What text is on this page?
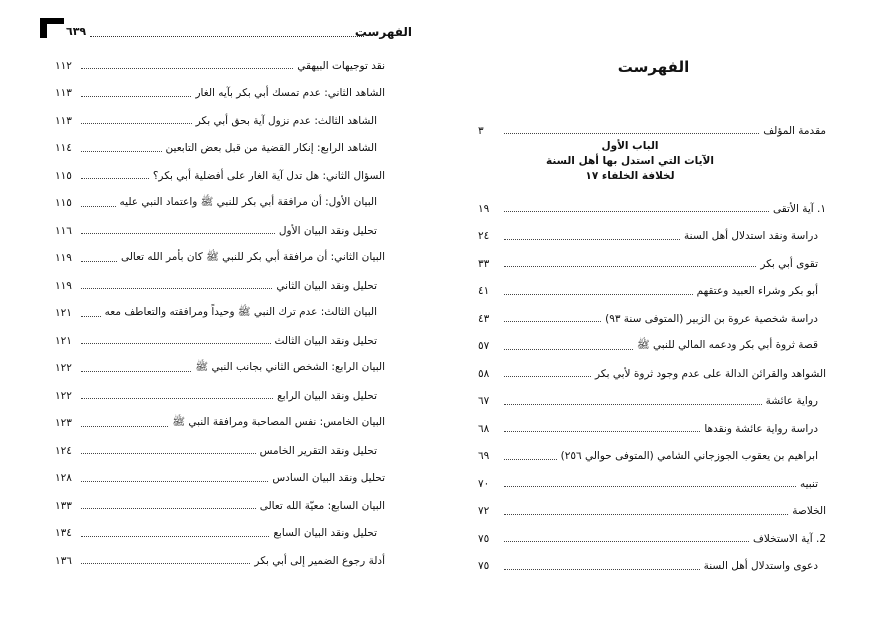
الفهرست
٦٣٩
نقد توجيهات البيهقي
١١٢
الشاهد الثاني: عدم تمسك أبي بكر بآيه الغار
١١٣
الشاهد الثالث: عدم نزول آية بحق أبي بكر
١١٣
الشاهد الرابع: إنكار القضية من قبل بعض التابعين
١١٤
السؤال الثاني: هل تدل آية الغار على أفضلية أبي بكر؟
١١٥
البيان الأول: أن مرافقة أبي بكر للنبي ﷺ واعتماد النبي عليه
١١٥
تحليل ونقد البيان الأول
١١٦
البيان الثاني: أن مرافقة أبي بكر للنبي ﷺ كان بأمر الله تعالى
١١٩
تحليل ونقد البيان الثاني
١١٩
البيان الثالث: عدم ترك النبي ﷺ وحيداً ومرافقته والتعاطف معه
١٢١
تحليل ونقد البيان الثالث
١٢١
البيان الرابع: الشخص الثاني بجانب النبي ﷺ
١٢٢
تحليل ونقد البيان الرابع
١٢٢
البيان الخامس: نفس المصاحبة ومرافقة النبي ﷺ
١٢٣
تحليل ونقد التقرير الخامس
١٢٤
تحليل ونقد البيان السادس
١٢٨
البيان السابع: معيّة الله تعالى
١٣٣
تحليل ونقد البيان السابع
١٣٤
أدلة رجوع الضمير إلى أبي بكر
١٣٦
الفهرست
مقدمة المؤلف
٣
الباب الأول
الآيات التي استدل بها أهل السنة
لخلافة الخلفاء ١٧
١. آية الأتقى
١٩
دراسة ونقد استدلال أهل السنة
٢٤
تقوى أبي بكر
٣٣
أبو بكر وشراء العبيد وعتقهم
٤١
دراسة شخصية عروة بن الزبير (المتوفى سنة ٩٣)
٤٣
قصة ثروة أبي بكر ودعمه المالي للنبي ﷺ
٥٧
الشواهد والقرائن الدالة على عدم وجود ثروة لأبي بكر
٥٨
رواية عائشة
٦٧
دراسة رواية عائشة ونقدها
٦٨
ابراهيم بن يعقوب الجوزجاني الشامي (المتوفى حوالي ٢٥٦)
٦٩
تنبيه
٧٠
الخلاصة
٧٢
2. آية الاستخلاف
٧٥
دعوى واستدلال أهل السنة
٧٥
